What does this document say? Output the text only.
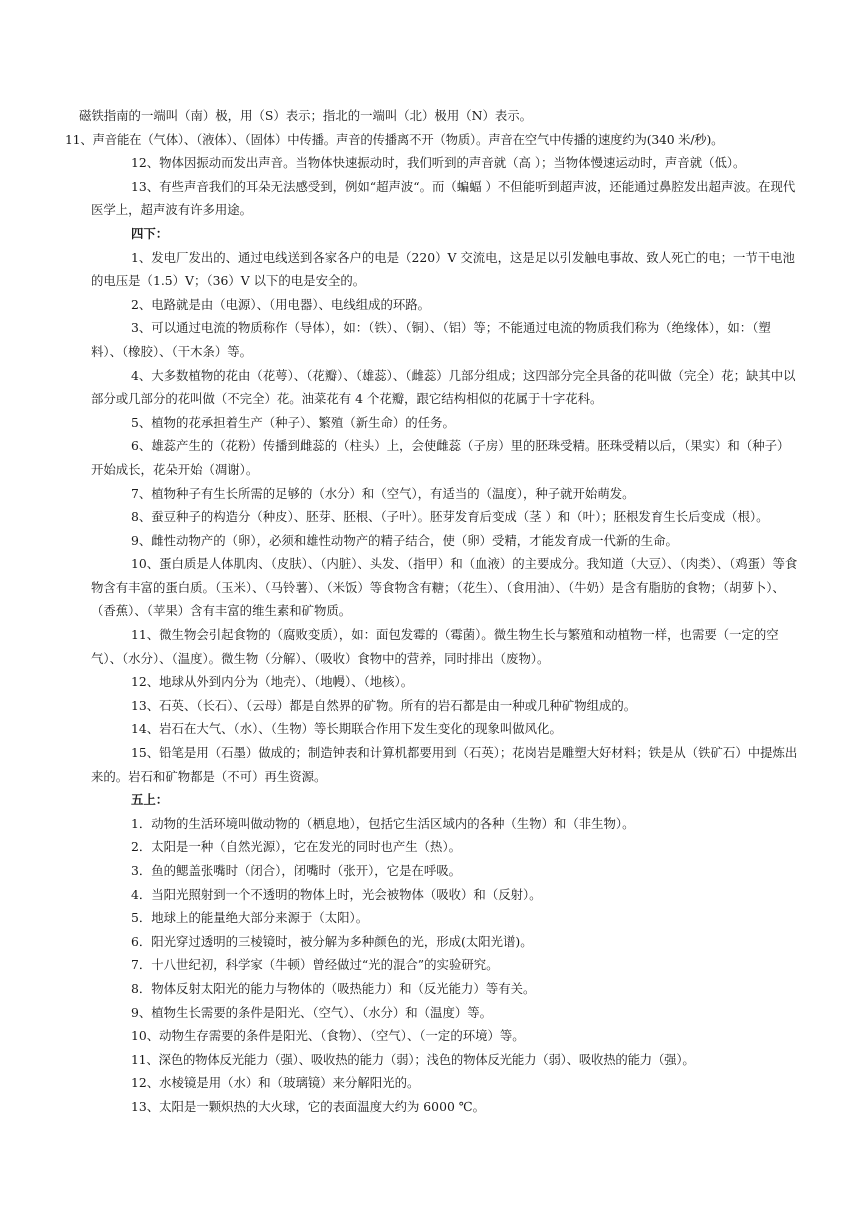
磁铁指南的一端叫（南）极，用（S）表示；指北的一端叫（北）极用（N）表示。

11、声音能在（气体）、（液体）、（固体）中传播。声音的传播离不开（物质）。声音在空气中传播的速度约为(340 米/秒)。

12、物体因振动而发出声音。当物体快速振动时，我们听到的声音就（高 ）；当物体慢速运动时，声音就（低）。

13、有些声音我们的耳朵无法感受到，例如“超声波“。而（蝙蝠 ）不但能听到超声波，还能通过鼻腔发出超声波。在现代医学上，超声波有许多用途。

四下：

1、发电厂发出的、通过电线送到各家各户的电是（220）V 交流电，这是足以引发触电事故、致人死亡的电；一节干电池的电压是（1.5）V；（36）V 以下的电是安全的。

2、电路就是由（电源）、（用电器）、电线组成的环路。

3、可以通过电流的物质称作（导体），如：（铁）、（铜）、（铝）等；不能通过电流的物质我们称为（绝缘体），如：（塑料）、（橡胶）、（干木条）等。

4、大多数植物的花由（花萼）、（花瓣）、（雄蕊）、（雌蕊）几部分组成；这四部分完全具备的花叫做（完全）花；缺其中以部分或几部分的花叫做（不完全）花。油菜花有 4 个花瓣，跟它结构相似的花属于十字花科。

5、植物的花承担着生产（种子）、繁殖（新生命）的任务。

6、雄蕊产生的（花粉）传播到雌蕊的（柱头）上，会使雌蕊（子房）里的胚珠受精。胚珠受精以后，（果实）和（种子）开始成长，花朵开始（凋谢）。

7、植物种子有生长所需的足够的（水分）和（空气），有适当的（温度），种子就开始萌发。

8、蚕豆种子的构造分（种皮）、胚芽、胚根、（子叶）。胚芽发育后变成（茎 ）和（叶）；胚根发育生长后变成（根）。

9、雌性动物产的（卵），必须和雄性动物产的精子结合，使（卵）受精，才能发育成一代新的生命。

10、蛋白质是人体肌肉、（皮肤）、（内脏）、头发、（指甲）和（血液）的主要成分。我知道（大豆）、（肉类）、（鸡蛋）等食物含有丰富的蛋白质。（玉米）、（马铃薯）、（米饭）等食物含有糖；（花生）、（食用油）、（牛奶）是含有脂肪的食物；（胡萝卜）、（香蕉）、（苹果）含有丰富的维生素和矿物质。

11、微生物会引起食物的（腐败变质），如：面包发霉的（霉菌）。微生物生长与繁殖和动植物一样，也需要（一定的空气）、（水分）、（温度）。微生物（分解）、（吸收）食物中的营养，同时排出（废物）。

12、地球从外到内分为（地壳）、（地幔）、（地核）。

13、石英、（长石）、（云母）都是自然界的矿物。所有的岩石都是由一种或几种矿物组成的。

14、岩石在大气、（水）、（生物）等长期联合作用下发生变化的现象叫做风化。

15、铅笔是用（石墨）做成的；制造钟表和计算机都要用到（石英）；花岗岩是雕塑大好材料；铁是从（铁矿石）中提炼出来的。岩石和矿物都是（不可）再生资源。

五上：

1．动物的生活环境叫做动物的（栖息地），包括它生活区域内的各种（生物）和（非生物）。

2．太阳是一种（自然光源），它在发光的同时也产生（热）。

3．鱼的鳃盖张嘴时（闭合），闭嘴时（张开），它是在呼吸。

4．当阳光照射到一个不透明的物体上时，光会被物体（吸收）和（反射）。

5．地球上的能量绝大部分来源于（太阳）。

6．阳光穿过透明的三棱镜时，被分解为多种颜色的光，形成(太阳光谱)。

7．十八世纪初，科学家（牛顿）曾经做过“光的混合”的实验研究。

8．物体反射太阳光的能力与物体的（吸热能力）和（反光能力）等有关。

9、植物生长需要的条件是阳光、（空气）、（水分）和（温度）等。

10、动物生存需要的条件是阳光、（食物）、（空气）、（一定的环境）等。

11、深色的物体反光能力（强）、吸收热的能力（弱）；浅色的物体反光能力（弱）、吸收热的能力（强）。

12、水棱镜是用（水）和（玻璃镜）来分解阳光的。

13、太阳是一颗炽热的大火球，它的表面温度大约为 6000 ℃。
